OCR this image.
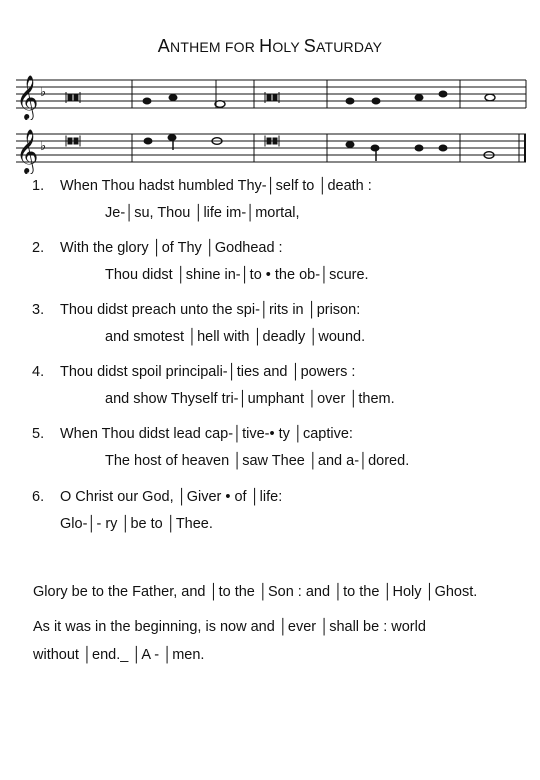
ANTHEM FOR HOLY SATURDAY
𝄞 ♭
𝄞 ♭
1. When Thou hadst humbled Thy-│self to │death :
Je-│su, Thou │life im-│mortal,
2. With the glory │of Thy │Godhead :
Thou didst │shine in-│to • the ob-│scure.
3. Thou didst preach unto the spi-│rits in │prison:
and smotest │hell with │deadly │wound.
4. Thou didst spoil principali-│ties and │powers :
and show Thyself tri-│umphant │over │them.
5. When Thou didst lead cap-│tive-• ty │captive:
The host of heaven │saw Thee │and a-│dored.
6. O Christ our God, │Giver • of │life:
Glo-│- ry │be to │Thee.
Glory be to the Father, and │to the │Son : and │to the │Holy │Ghost.
As it was in the beginning, is now and │ever │shall be : world
without │end._ │A - │men.
